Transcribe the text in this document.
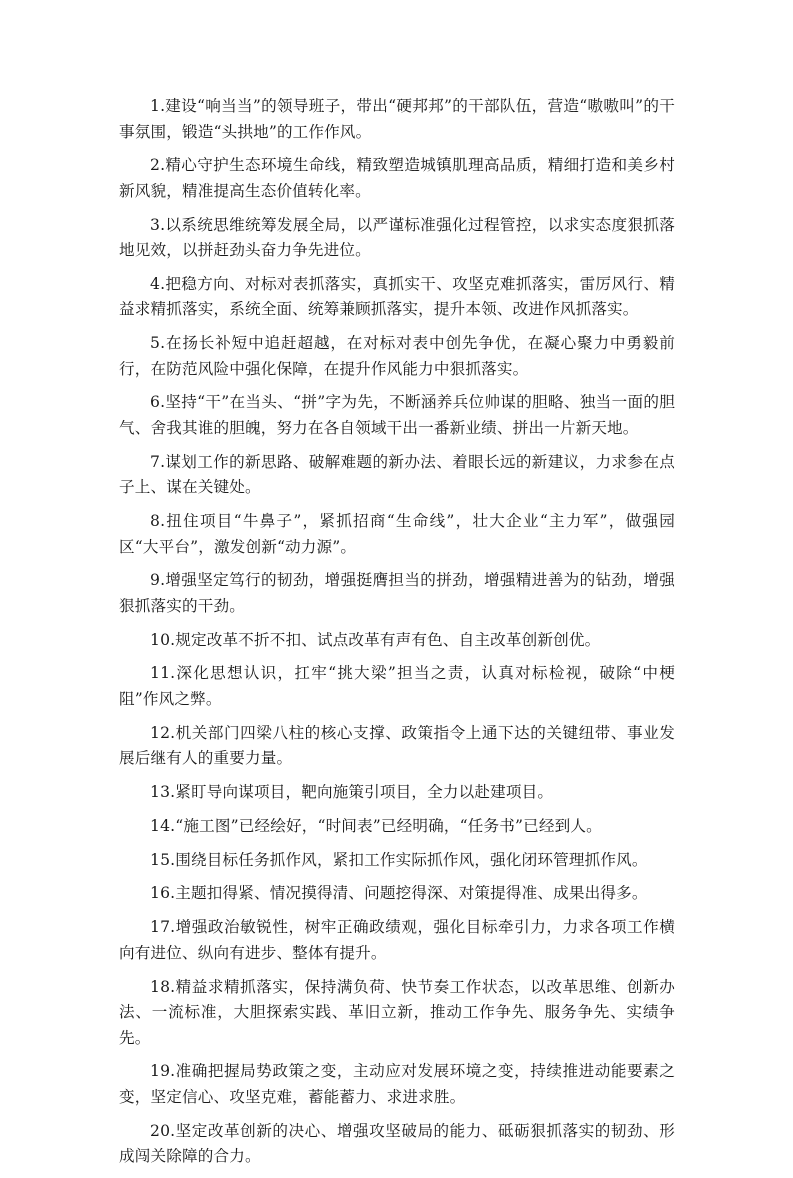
1.建设“响当当”的领导班子，带出“硬邦邦”的干部队伍，营造“嗷嗷叫”的干事氛围，锻造“头拱地”的工作作风。

2.精心守护生态环境生命线，精致塑造城镇肌理高品质，精细打造和美乡村新风貌，精准提高生态价值转化率。

3.以系统思维统筹发展全局，以严谨标准强化过程管控，以求实态度狠抓落地见效，以拼赶劲头奋力争先进位。

4.把稳方向、对标对表抓落实，真抓实干、攻坚克难抓落实，雷厉风行、精益求精抓落实，系统全面、统筹兼顾抓落实，提升本领、改进作风抓落实。

5.在扬长补短中追赶超越，在对标对表中创先争优，在凝心聚力中勇毅前行，在防范风险中强化保障，在提升作风能力中狠抓落实。

6.坚持“干”在当头、“拼”字为先，不断涵养兵位帅谋的胆略、独当一面的胆气、舍我其谁的胆魄，努力在各自领域干出一番新业绩、拼出一片新天地。

7.谋划工作的新思路、破解难题的新办法、着眼长远的新建议，力求参在点子上、谋在关键处。

8.扭住项目“牛鼻子”，紧抓招商“生命线”，壮大企业“主力军”，做强园区“大平台”，激发创新“动力源”。

9.增强坚定笃行的韧劲，增强挺膺担当的拼劲，增强精进善为的钻劲，增强狠抓落实的干劲。

10.规定改革不折不扣、试点改革有声有色、自主改革创新创优。

11.深化思想认识，扛牢“挑大梁”担当之责，认真对标检视，破除“中梗阻”作风之弊。

12.机关部门四梁八柱的核心支撑、政策指令上通下达的关键纽带、事业发展后继有人的重要力量。

13.紧盯导向谋项目，靶向施策引项目，全力以赴建项目。

14.“施工图”已经绘好，“时间表”已经明确，“任务书”已经到人。

15.围绕目标任务抓作风，紧扣工作实际抓作风，强化闭环管理抓作风。

16.主题扣得紧、情况摸得清、问题挖得深、对策提得准、成果出得多。

17.增强政治敏锐性，树牢正确政绩观，强化目标牵引力，力求各项工作横向有进位、纵向有进步、整体有提升。

18.精益求精抓落实，保持满负荷、快节奏工作状态，以改革思维、创新办法、一流标准，大胆探索实践、革旧立新，推动工作争先、服务争先、实绩争先。

19.准确把握局势政策之变，主动应对发展环境之变，持续推进动能要素之变，坚定信心、攻坚克难，蓄能蓄力、求进求胜。

20.坚定改革创新的决心、增强攻坚破局的能力、砥砺狠抓落实的韧劲、形成闯关除障的合力。
